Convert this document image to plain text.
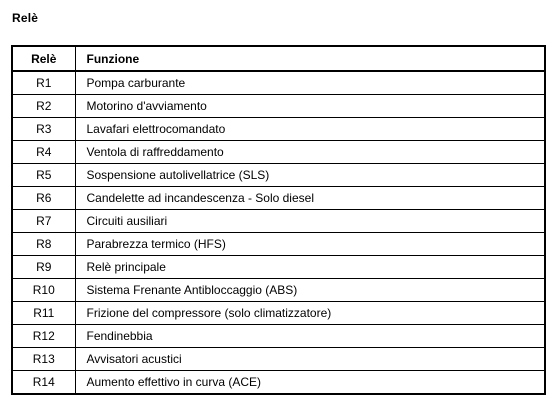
Relè
Relè	Funzione
R1	Pompa carburante
R2	Motorino d'avviamento
R3	Lavafari elettrocomandato
R4	Ventola di raffreddamento
R5	Sospensione autolivellatrice (SLS)
R6	Candelette ad incandescenza - Solo diesel
R7	Circuiti ausiliari
R8	Parabrezza termico (HFS)
R9	Relè principale
R10	Sistema Frenante Antibloccaggio (ABS)
R11	Frizione del compressore (solo climatizzatore)
R12	Fendinebbia
R13	Avvisatori acustici
R14	Aumento effettivo in curva (ACE)
